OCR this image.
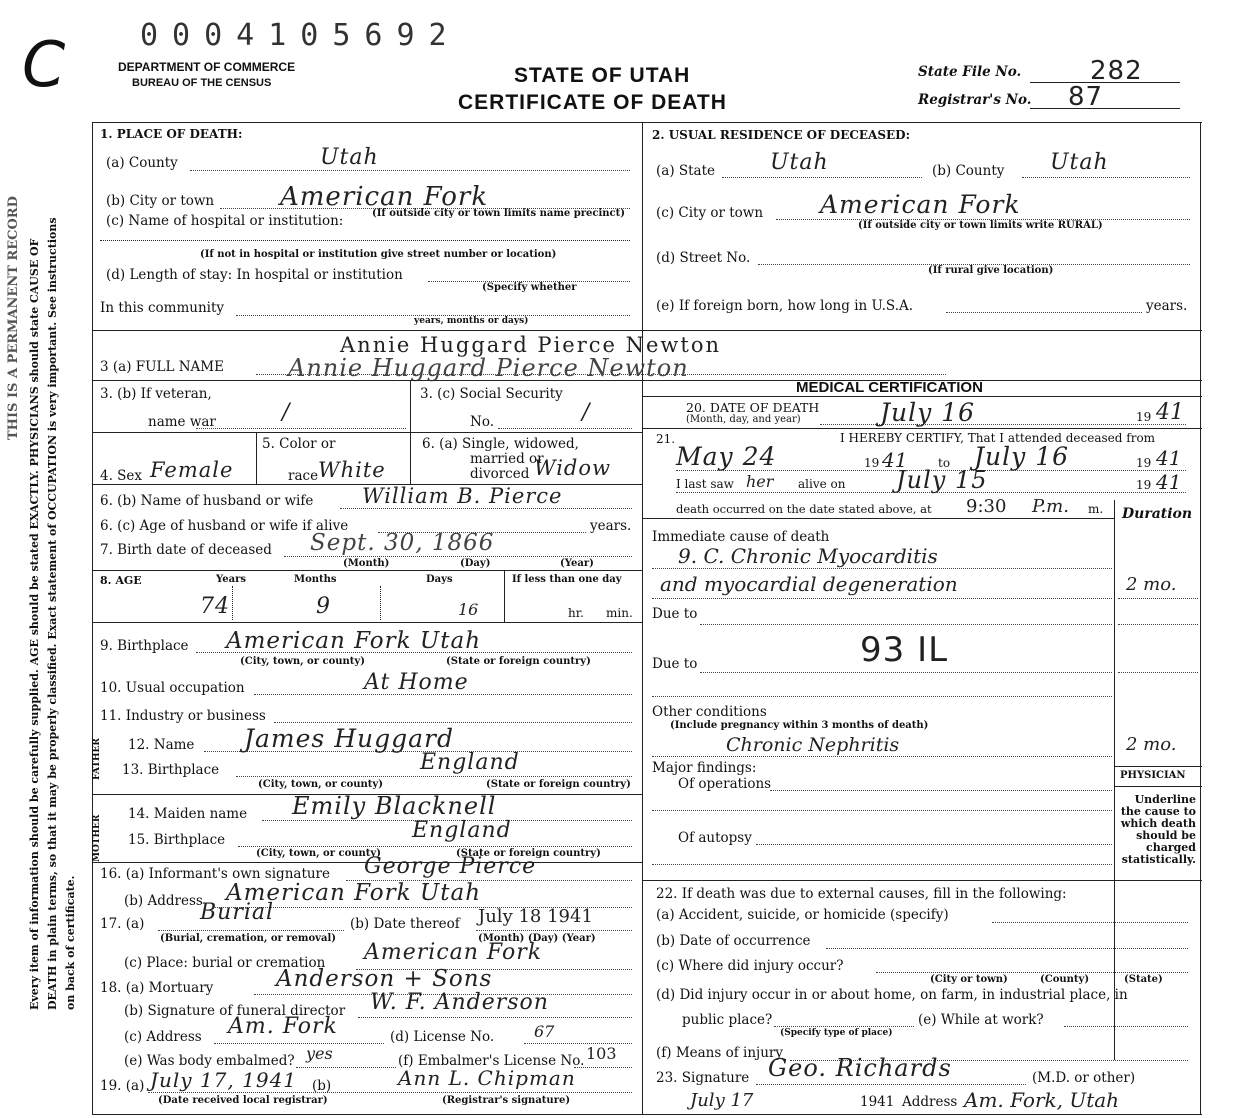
0004105692
C	DEPARTMENT OF COMMERCE
BUREAU OF THE CENSUS	STATE OF UTAH
CERTIFICATE OF DEATH
State File No.	282
Registrar's No. 87
Every item of information should be carefully supplied. AGE should be stated EXACTLY. PHYSICIANS should state CAUSE OF DEATH in plain terms, so that it may be properly classified. Exact statement of OCCUPATION is very important. See instructions on back of certificate.
THIS IS A PERMANENT RECORD
1. PLACE OF DEATH:
(a) County	Utah
(b) City or town	American Fork
(c) Name of hospital or institution:	(If outside city or town limits name precinct)
(If not in hospital or institution give street number or location)
(d) Length of stay: In hospital or institution
(Specify whether
In this community
years, months or days)
3 (a) FULL NAME
Annie Huggard Pierce Newton
Annie Huggard Pierce Newton
3. (b) If veteran,
name war	/
3. (c) Social Security
No.	/
5. Color or
race White
6. (a) Single, widowed,
married or
divorced Widow
4. Sex Female
6. (b) Name of husband or wife William B. Pierce
6. (c) Age of husband or wife if alive	years.
7. Birth date of deceased Sept. 30, 1866
(Month)	(Day)	(Year)
8. AGE	Years	Months	Days	If less than one day
74	9	16	hr. min.
9. Birthplace American Fork Utah
(City, town, or county)	(State or foreign country)
10. Usual occupation	At Home
11. Industry or business
FATHER
MOTHER
12. Name James Huggard
13. Birthplace	England
(City, town, or county)	(State or foreign country)
14. Maiden name Emily Blacknell
15. Birthplace	England
(City, town, or county)	(State or foreign country)
16. (a) Informant's own signature George Pierce
(b) Address American Fork Utah
17. (a)	Burial
(Burial, cremation, or removal)
(b) Date thereof July 18 1941
(Month) (Day) (Year)
(c) Place: burial or cremation American Fork
18. (a) Mortuary	Anderson + Sons
(b) Signature of funeral director W. F. Anderson
(c) Address Am. Fork	(d) License No. 67
(e) Was body embalmed? yes	(f) Embalmer's License No. 103
19. (a) July 17, 1941 (b)	Ann L. Chipman
(Date received local registrar)	(Registrar's signature)
2. USUAL RESIDENCE OF DECEASED:
(a) State Utah	(b) County Utah
(c) City or town American Fork
(If outside city or town limits write RURAL)
(d) Street No.
(If rural give location)
(e) If foreign born, how long in U.S.A.	years.
MEDICAL CERTIFICATION
20. DATE OF DEATH
(Month, day, and year)	July 16	19 41
21.	I HEREBY CERTIFY, That I attended deceased from
May 24	19 41	to July 16	19 41
I last saw her alive on July 15	19 41
death occurred on the date stated above, at 9:30 P.m. m. Duration
Immediate cause of death
9. C. Chronic Myocarditis
and myocardial degeneration	2 mo.
Due to
Due to	93 IL
Other conditions
(Include pregnancy within 3 months of death)
Chronic Nephritis	2 mo.
Major findings:
Of operations
Of autopsy
PHYSICIAN
Underline the cause to which death should be charged statistically.
22. If death was due to external causes, fill in the following:
(a) Accident, suicide, or homicide (specify)
(b) Date of occurrence
(c) Where did injury occur?
(City or town)	(County)	(State)
(d) Did injury occur in or about home, on farm, in industrial place, in
public place?
(Specify type of place)
(e) While at work?
(f) Means of injury
23. Signature Geo. Richards	(M.D. or other)
July 17	1941 Address Am. Fork, Utah
